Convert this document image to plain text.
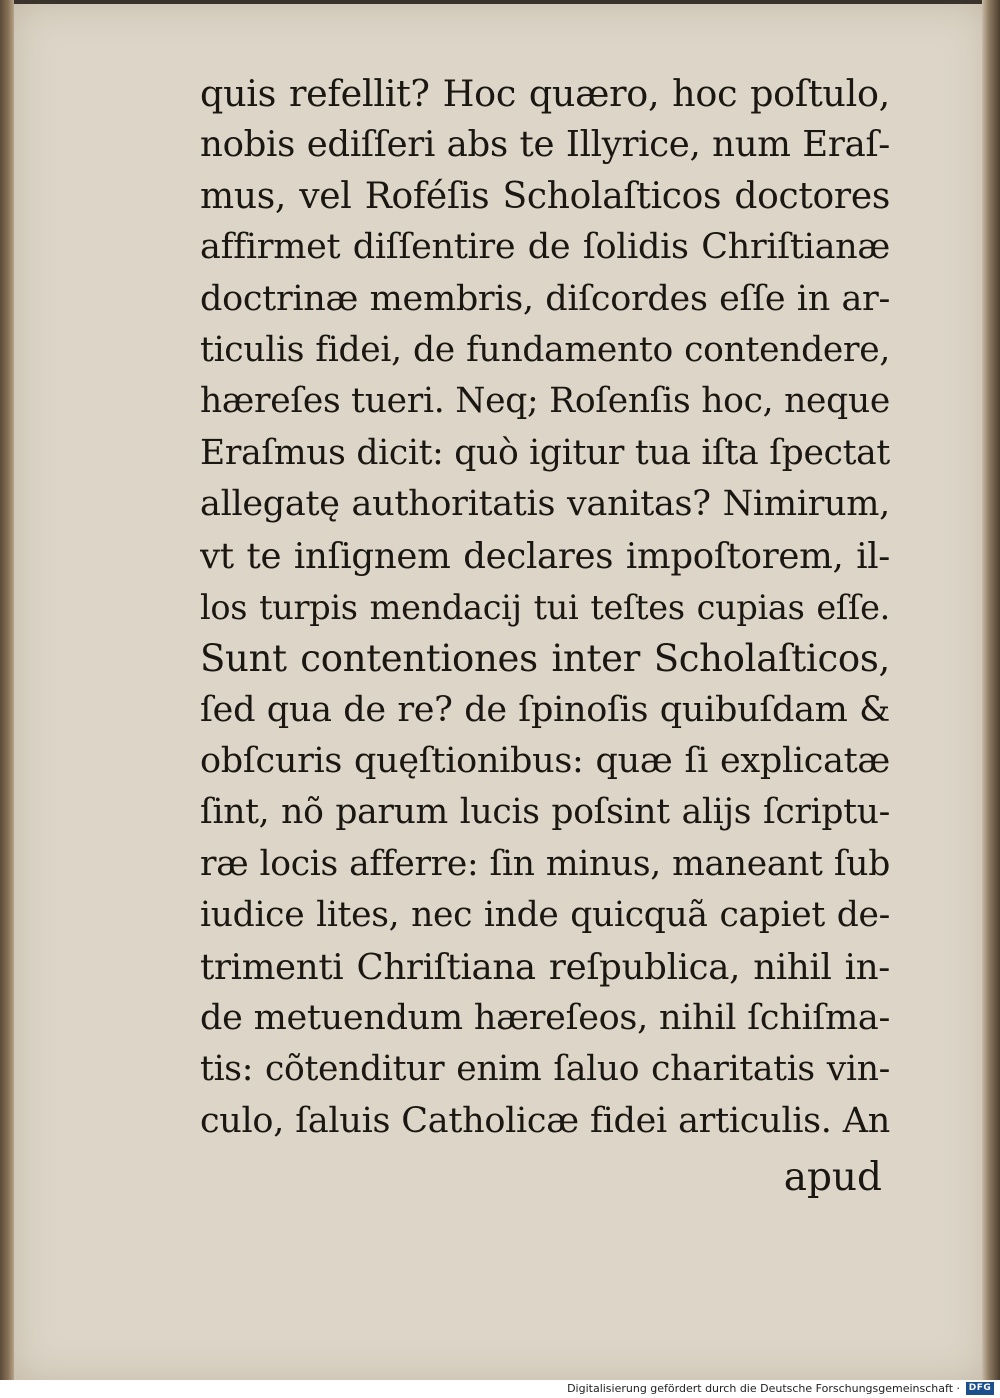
quis refellit? Hoc quæro, hoc poſtulo,
nobis ediſſeri abs te Illyrice, num Eraſ-
mus, vel Roféſis Scholaſticos doctores
affirmet diſſentire de ſolidis Chriſtianæ
doctrinæ membris, diſcordes eſſe in ar-
ticulis fidei, de fundamento contendere,
hæreſes tueri. Neq; Roſenſis hoc, neque
Eraſmus dicit: quò igitur tua iſta ſpectat
allegatę authoritatis vanitas? Nimirum,
vt te inſignem declares impoſtorem, il-
los turpis mendacij tui teſtes cupias eſſe.
Sunt contentiones inter Scholaſticos,
ſed qua de re? de ſpinoſis quibuſdam &
obſcuris quęſtionibus: quæ ſi explicatæ
ſint, nõ parum lucis poſsint alijs ſcriptu-
ræ locis afferre: ſin minus, maneant ſub
iudice lites, nec inde quicquã capiet de-
trimenti Chriſtiana reſpublica, nihil in-
de metuendum hæreſeos, nihil ſchiſma-
tis: cõtenditur enim ſaluo charitatis vin-
culo, ſaluis Catholicæ fidei articulis. An
apud
Digitalisierung gefördert durch die Deutsche Forschungsgemeinschaft · DFG
